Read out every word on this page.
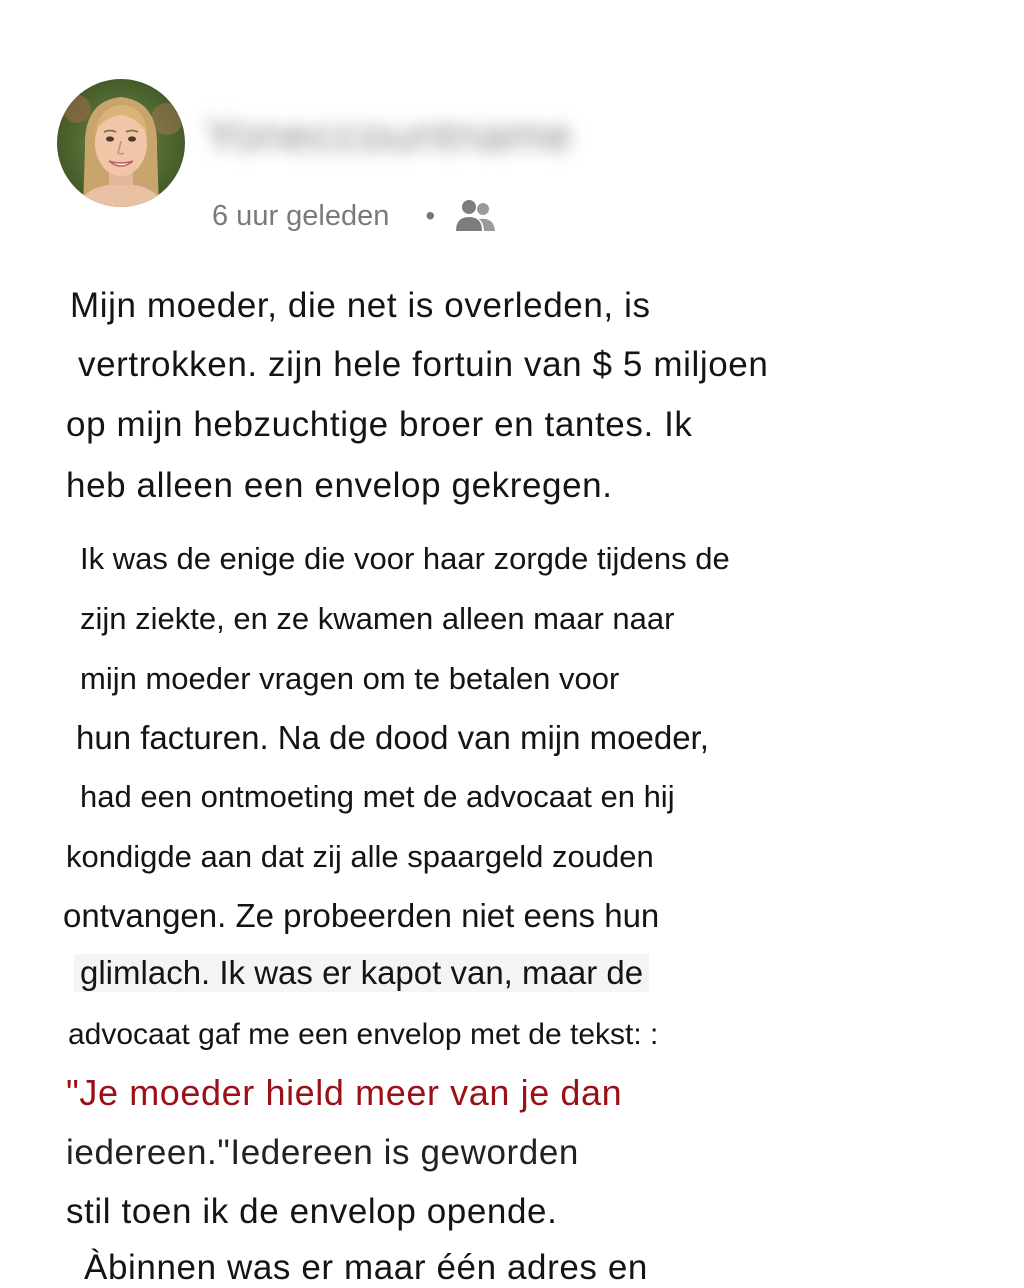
Yoneccountname
6 uur geleden •
Mijn moeder, die net is overleden, is
vertrokken. zijn hele fortuin van $ 5 miljoen
op mijn hebzuchtige broer en tantes. Ik
heb alleen een envelop gekregen.
Ik was de enige die voor haar zorgde tijdens de
zijn ziekte, en ze kwamen alleen maar naar
mijn moeder vragen om te betalen voor
hun facturen. Na de dood van mijn moeder,
had een ontmoeting met de advocaat en hij
kondigde aan dat zij alle spaargeld zouden
ontvangen. Ze probeerden niet eens hun
glimlach. Ik was er kapot van, maar de
advocaat gaf me een envelop met de tekst: :
"Je moeder hield meer van je dan
iedereen."Iedereen is geworden
stil toen ik de envelop opende.
Àbinnen was er maar één adres en
